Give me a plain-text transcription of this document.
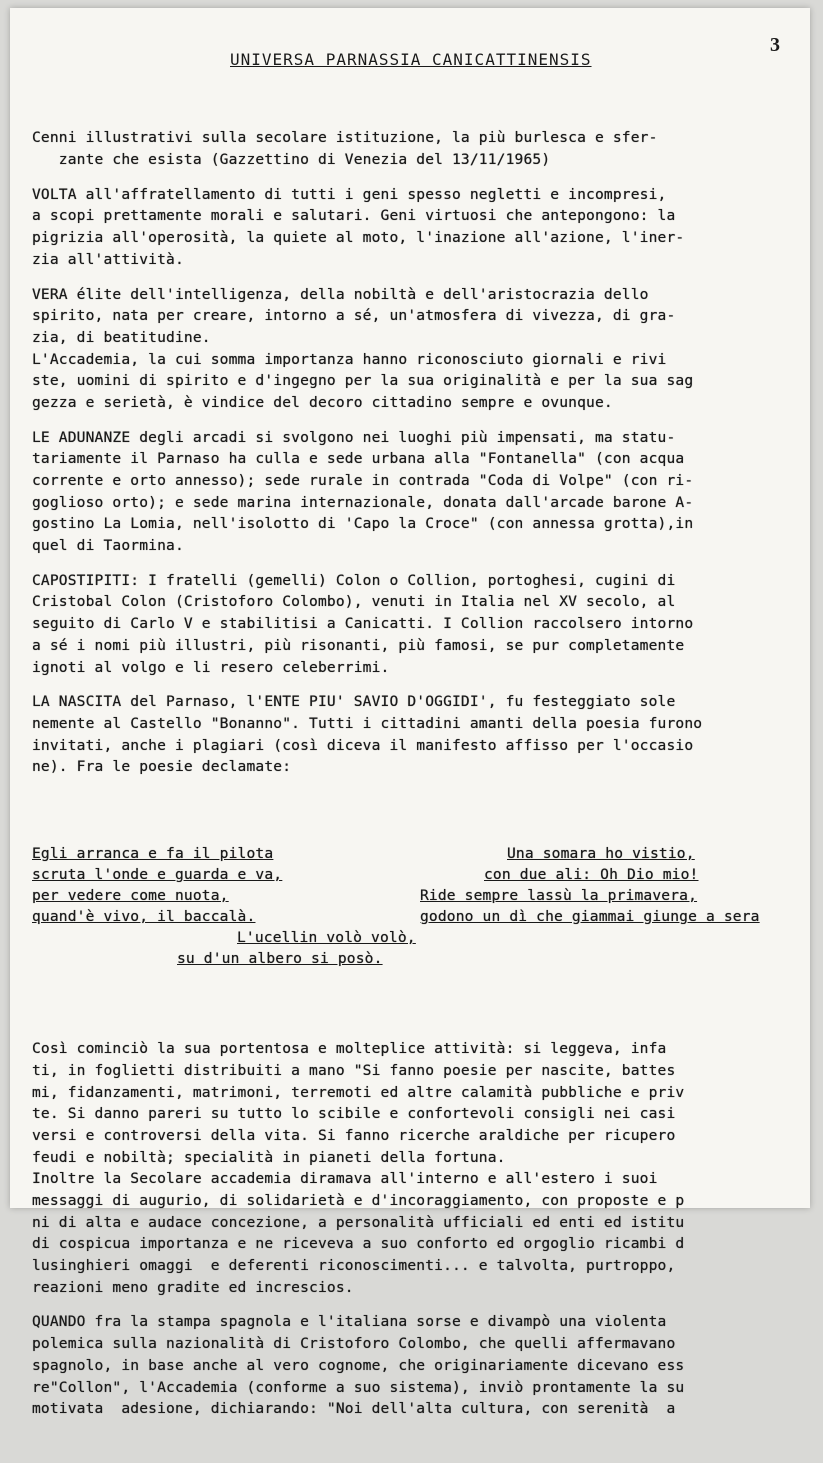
3
UNIVERSA PARNASSIA CANICATTINENSIS

Cenni illustrativi sulla secolare istituzione, la più burlesca e sfer-
zante che esista (Gazzettino di Venezia del 13/11/1965)
VOLTA all'affratellamento di tutti i geni spesso negletti e incompresi,
a scopi prettamente morali e salutari. Geni virtuosi che antepongono: la
pigrizia all'operosità, la quiete al moto, l'inazione all'azione, l'iner-
zia all'attività.
VERA élite dell'intelligenza, della nobiltà e dell'aristocrazia dello
spirito, nata per creare, intorno a sé, un'atmosfera di vivezza, di gra-
zia, di beatitudine.
L'Accademia, la cui somma importanza hanno riconosciuto giornali e rivi
ste, uomini di spirito e d'ingegno per la sua originalità e per la sua sag
gezza e serietà, è vindice del decoro cittadino sempre e ovunque.
LE ADUNANZE degli arcadi si svolgono nei luoghi più impensati, ma statu-
tariamente il Parnaso ha culla e sede urbana alla "Fontanella" (con acqua
corrente e orto annesso); sede rurale in contrada "Coda di Volpe" (con ri-
goglioso orto); e sede marina internazionale, donata dall'arcade barone A-
gostino La Lomia, nell'isolotto di 'Capo la Croce" (con annessa grotta),in
quel di Taormina.
CAPOSTIPITI: I fratelli (gemelli) Colon o Collion, portoghesi, cugini di
Cristobal Colon (Cristoforo Colombo), venuti in Italia nel XV secolo, al
seguito di Carlo V e stabilitisi a Canicatti. I Collion raccolsero intorno
a sé i nomi più illustri, più risonanti, più famosi, se pur completamente
ignoti al volgo e li resero celeberrimi.
LA NASCITA del Parnaso, l'ENTE PIU' SAVIO D'OGGIDI', fu festeggiato sole
nemente al Castello "Bonanno". Tutti i cittadini amanti della poesia furono
invitati, anche i plagiari (così diceva il manifesto affisso per l'occasio
ne). Fra le poesie declamate:

Egli arranca e fa il pilota

scruta l'onde e guarda e va,

per vedere come nuota,

quand'è vivo, il baccalà.

Una somara ho vistio,

con due ali: Oh Dio mio!

Ride sempre lassù la primavera,

godono un dì che giammai giunge a sera

L'ucellin volò volò,

su d'un albero si posò.

Così cominciò la sua portentosa e molteplice attività: si leggeva, infa
ti, in foglietti distribuiti a mano "Si fanno poesie per nascite, battes
mi, fidanzamenti, matrimoni, terremoti ed altre calamità pubbliche e priv
te. Si danno pareri su tutto lo scibile e confortevoli consigli nei casi
versi e controversi della vita. Si fanno ricerche araldiche per ricupero
feudi e nobiltà; specialità in pianeti della fortuna.
Inoltre la Secolare accademia diramava all'interno e all'estero i suoi
messaggi di augurio, di solidarietà e d'incoraggiamento, con proposte e p
ni di alta e audace concezione, a personalità ufficiali ed enti ed istitu
di cospicua importanza e ne riceveva a suo conforto ed orgoglio ricambi d
lusinghieri omaggi  e deferenti riconoscimenti... e talvolta, purtroppo,
reazioni meno gradite ed increscios.
QUANDO fra la stampa spagnola e l'italiana sorse e divampò una violenta
polemica sulla nazionalità di Cristoforo Colombo, che quelli affermavano
spagnolo, in base anche al vero cognome, che originariamente dicevano ess
re"Collon", l'Accademia (conforme a suo sistema), inviò prontamente la su
motivata  adesione, dichiarando: "Noi dell'alta cultura, con serenità  a
